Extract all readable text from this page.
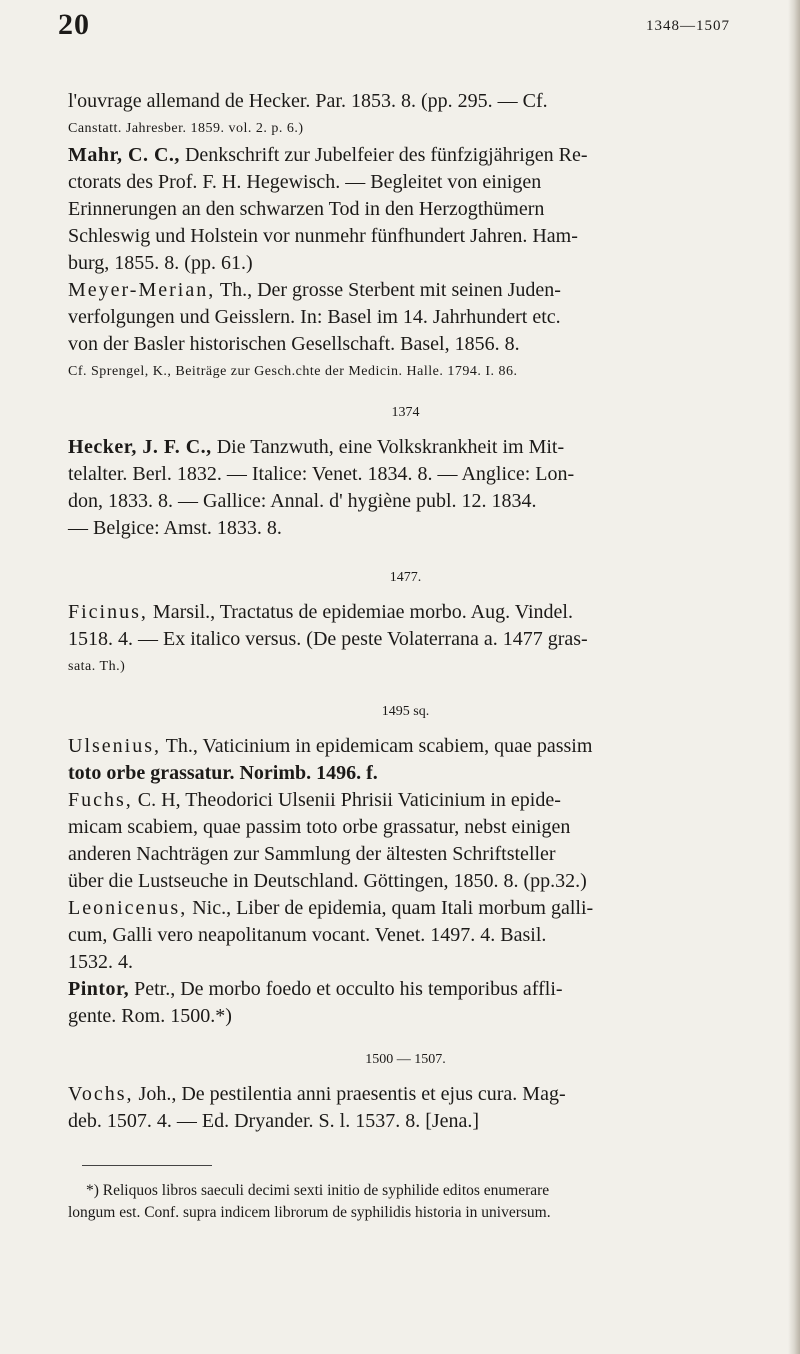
20	1348—1507
l'ouvrage allemand de Hecker. Par. 1853. 8. (pp. 295. — Cf.
Canstatt. Jahresber. 1859. vol. 2. p. 6.)
Mahr, C. C., Denkschrift zur Jubelfeier des fünfzigjährigen Re-
ctorats des Prof. F. H. Hegewisch. — Begleitet von einigen
Erinnerungen an den schwarzen Tod in den Herzogthümern
Schleswig und Holstein vor nunmehr fünfhundert Jahren. Ham-
burg, 1855. 8. (pp. 61.)
Meyer-Merian, Th., Der grosse Sterbent mit seinen Juden-
verfolgungen und Geisslern. In: Basel im 14. Jahrhundert etc.
von der Basler historischen Gesellschaft. Basel, 1856. 8.
Cf. Sprengel, K., Beiträge zur Gesch.chte der Medicin. Halle. 1794. I. 86.
1374
Hecker, J. F. C., Die Tanzwuth, eine Volkskrankheit im Mit-
telalter. Berl. 1832. — Italice: Venet. 1834. 8. — Anglice: Lon-
don, 1833. 8. — Gallice: Annal. d' hygiène publ. 12. 1834.
— Belgice: Amst. 1833. 8.
1477.
Ficinus, Marsil., Tractatus de epidemiae morbo. Aug. Vindel.
1518. 4. — Ex italico versus. (De peste Volaterrana a. 1477 gras-
sata. Th.)
1495 sq.
Ulsenius, Th., Vaticinium in epidemicam scabiem, quae passim
toto orbe grassatur. Norimb. 1496. f.
Fuchs, C. H, Theodorici Ulsenii Phrisii Vaticinium in epide-
micam scabiem, quae passim toto orbe grassatur, nebst einigen
anderen Nachträgen zur Sammlung der ältesten Schriftsteller
über die Lustseuche in Deutschland. Göttingen, 1850. 8. (pp.32.)
Leonicenus, Nic., Liber de epidemia, quam Itali morbum galli-
cum, Galli vero neapolitanum vocant. Venet. 1497. 4. Basil.
1532. 4.
Pintor, Petr., De morbo foedo et occulto his temporibus affli-
gente. Rom. 1500.*)
1500 — 1507.
Vochs, Joh., De pestilentia anni praesentis et ejus cura. Mag-
deb. 1507. 4. — Ed. Dryander. S. l. 1537. 8. [Jena.]
*) Reliquos libros saeculi decimi sexti initio de syphilide editos enumerare
longum est. Conf. supra indicem librorum de syphilidis historia in universum.
